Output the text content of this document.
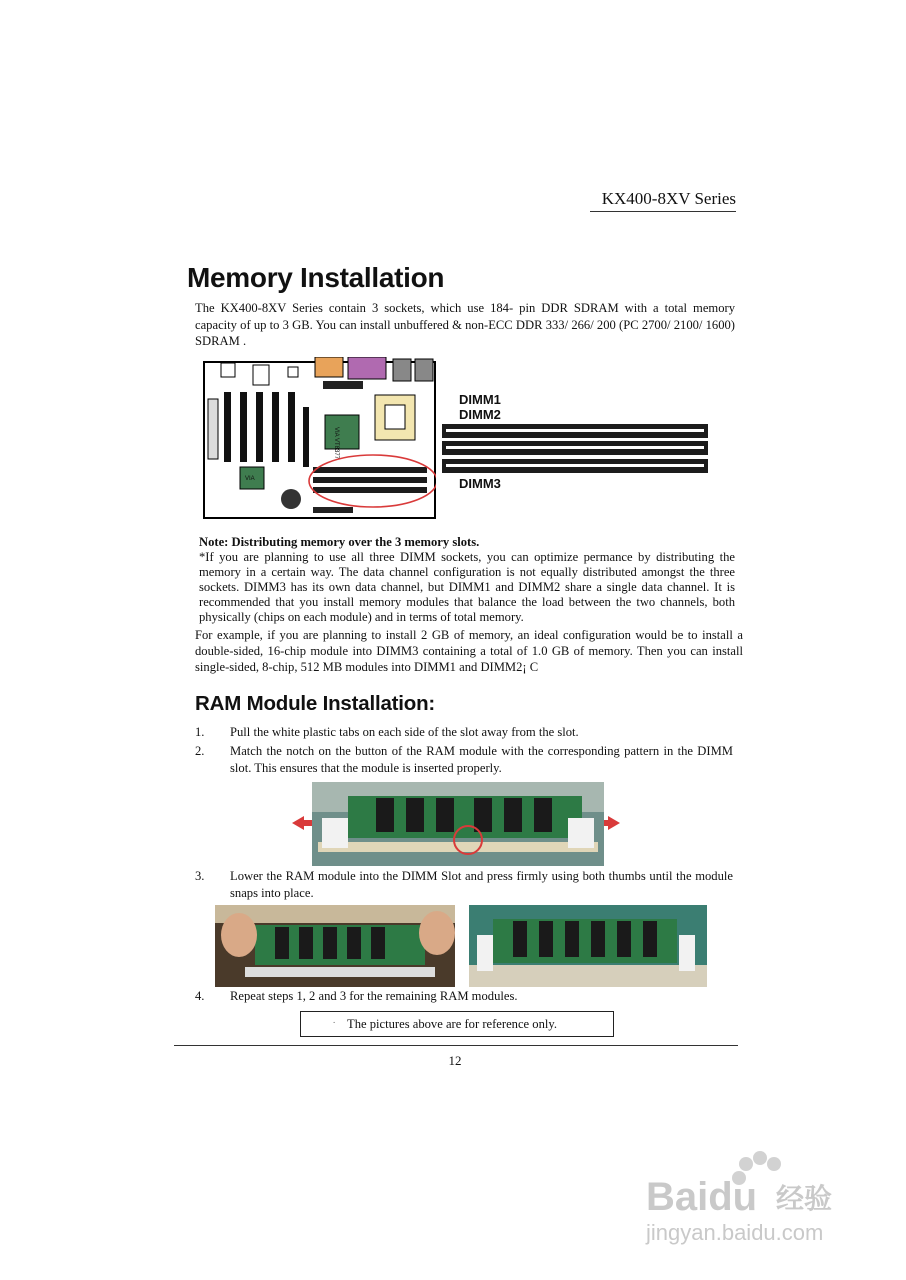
KX400-8XV Series
Memory Installation
The KX400-8XV Series contain 3 sockets, which use 184- pin DDR SDRAM with a total memory capacity of up to 3 GB. You can install unbuffered & non-ECC DDR 333/ 266/ 200 (PC 2700/ 2100/ 1600) SDRAM .
VIA VT8377
VIA
DIMM1
DIMM2
DIMM3
Note: Distributing memory over the 3 memory slots.
*If you are planning to use all three DIMM sockets, you can optimize permance by distributing the memory in a certain way. The data channel configuration is not equally distributed amongst the three sockets. DIMM3 has its own data channel, but DIMM1 and DIMM2 share a single data channel. It is recommended that you install memory modules that balance the load between the two channels, both physically (chips on each module) and in terms of total memory.
For example, if you are planning to install 2 GB of memory, an ideal configuration would be to install a double-sided, 16-chip module into DIMM3 containing a total of 1.0 GB of memory. Then you can install single-sided, 8-chip, 512 MB modules into DIMM1 and DIMM2¡ C
RAM Module Installation:
1. Pull the white plastic tabs on each side of the slot away from the slot.
2. Match the notch on the button of the RAM module with the corresponding pattern in the DIMM slot. This ensures that the module is inserted properly.
3. Lower the RAM module into the DIMM Slot and press firmly using both thumbs until the module snaps into place.
4. Repeat steps 1, 2 and 3 for the remaining RAM modules.
. The pictures above are for reference only.
12
Baidu 经验
jingyan.baidu.com
